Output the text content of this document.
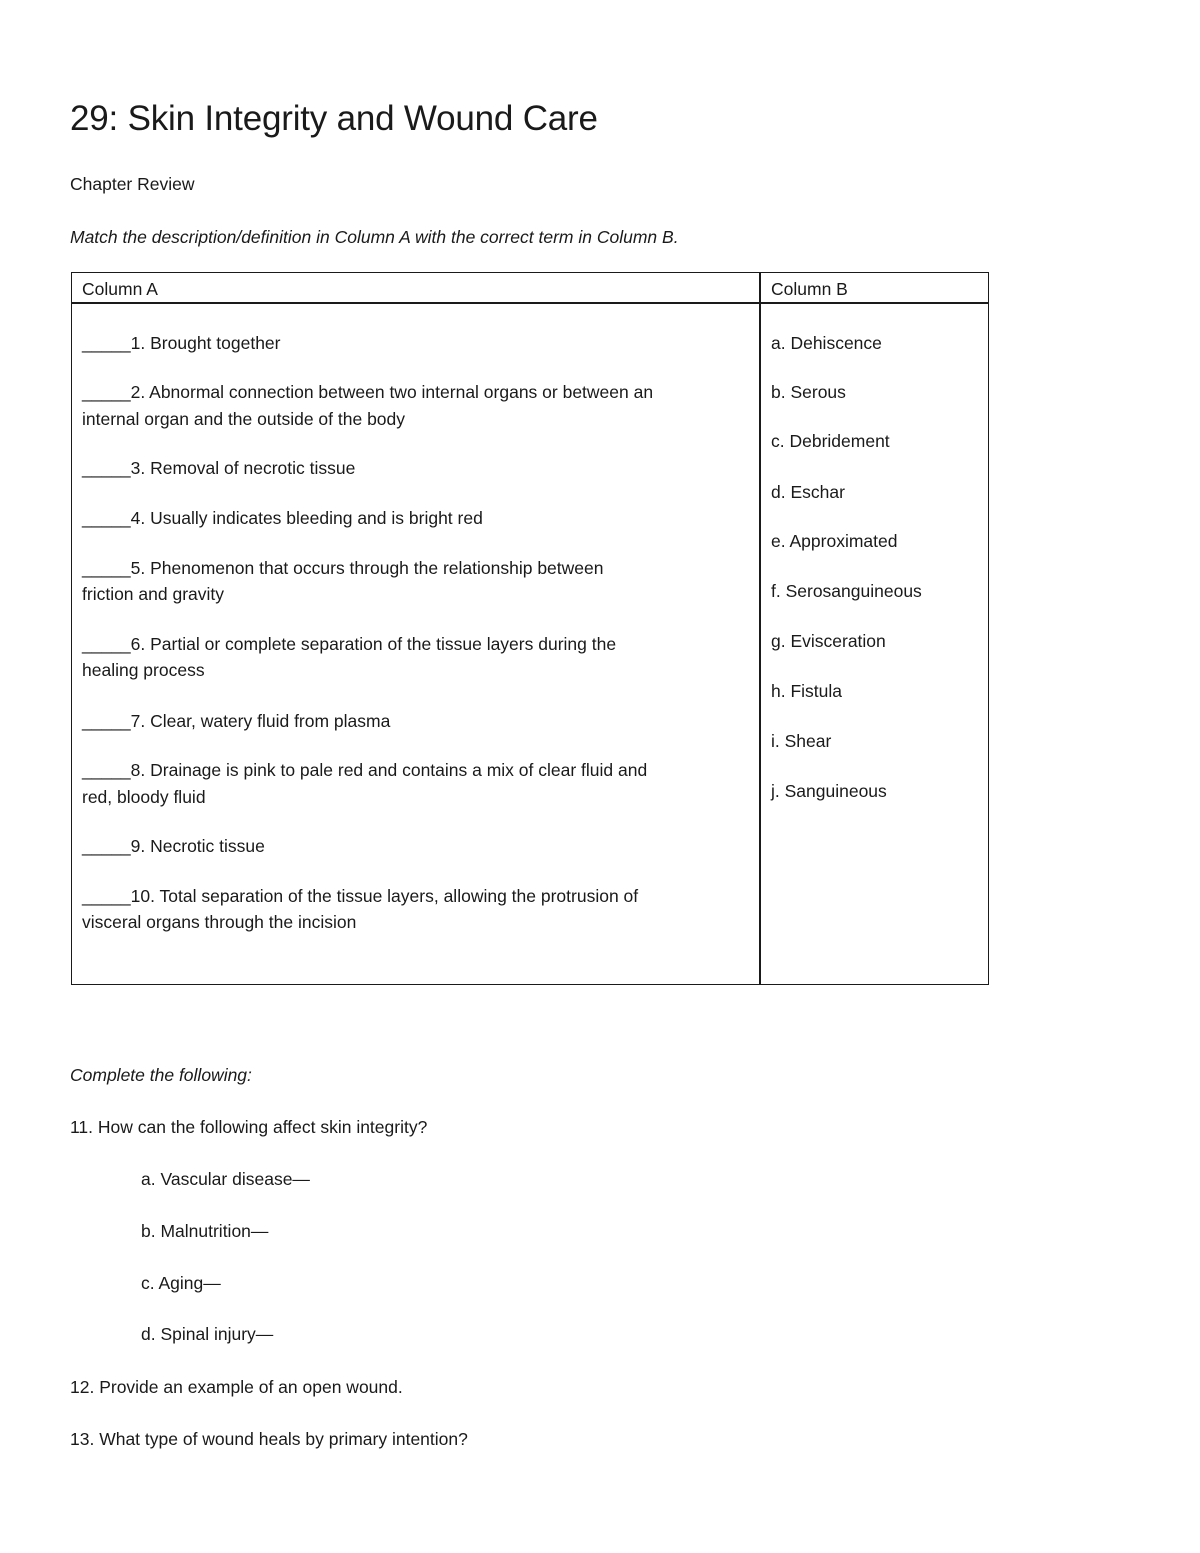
29: Skin Integrity and Wound Care
Chapter Review
Match the description/definition in Column A with the correct term in Column B.
Column A	Column B
_____1. Brought together
_____2. Abnormal connection between two internal organs or between an
internal organ and the outside of the body
_____3. Removal of necrotic tissue
_____4. Usually indicates bleeding and is bright red
_____5. Phenomenon that occurs through the relationship between
friction and gravity
_____6. Partial or complete separation of the tissue layers during the
healing process
_____7. Clear, watery fluid from plasma
_____8. Drainage is pink to pale red and contains a mix of clear fluid and
red, bloody fluid
_____9. Necrotic tissue
_____10. Total separation of the tissue layers, allowing the protrusion of
visceral organs through the incision
a. Dehiscence
b. Serous
c. Debridement
d. Eschar
e. Approximated
f. Serosanguineous
g. Evisceration
h. Fistula
i. Shear
j. Sanguineous
Complete the following:
11. How can the following affect skin integrity?
a. Vascular disease—
b. Malnutrition—
c. Aging—
d. Spinal injury—
12. Provide an example of an open wound.
13. What type of wound heals by primary intention?
